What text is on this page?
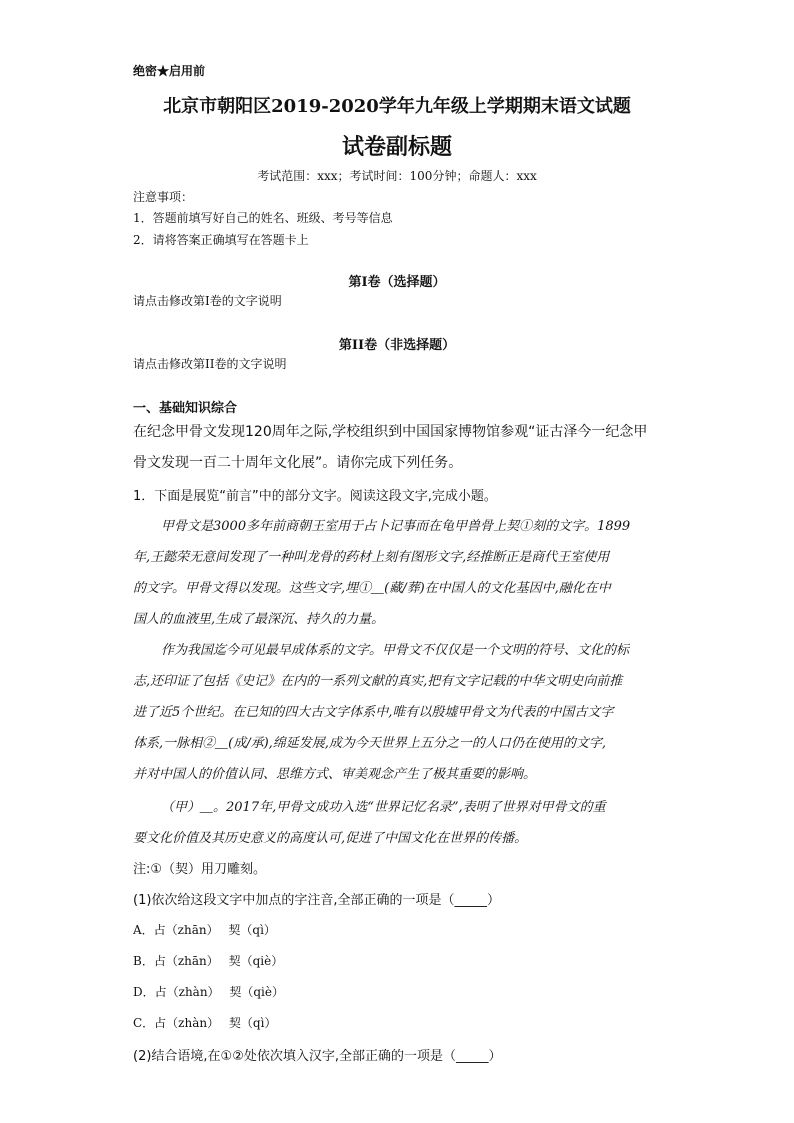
绝密★启用前
北京市朝阳区2019-2020学年九年级上学期期末语文试题
试卷副标题
考试范围：xxx；考试时间：100分钟；命题人：xxx
注意事项：
1．答题前填写好自己的姓名、班级、考号等信息
2．请将答案正确填写在答题卡上
第I卷（选择题）
请点击修改第I卷的文字说明
第II卷（非选择题）
请点击修改第II卷的文字说明
一、基础知识综合
在纪念甲骨文发现120周年之际,学校组织到中国国家博物馆参观“证古泽今一纪念甲
骨文发现一百二十周年文化展”。请你完成下列任务。
1．下面是展览“前言”中的部分文字。阅读这段文字,完成小题。
甲骨文是3000多年前商朝王室用于占卜记事而在龟甲兽骨上契①刻的文字。1899
年,王懿荣无意间发现了一种叫龙骨的药材上刻有图形文字,经推断正是商代王室使用
的文字。甲骨文得以发现。这些文字,埋①＿(藏/葬)在中国人的文化基因中,融化在中
国人的血液里,生成了最深沉、持久的力量。
作为我国迄今可见最早成体系的文字。甲骨文不仅仅是一个文明的符号、文化的标
志,还印证了包括《史记》在内的一系列文献的真实,把有文字记载的中华文明史向前推
进了近5个世纪。在已知的四大古文字体系中,唯有以殷墟甲骨文为代表的中国古文字
体系,一脉相②＿(成/承),绵延发展,成为今天世界上五分之一的人口仍在使用的文字,
并对中国人的价值认同、思维方式、审美观念产生了极其重要的影响。
（甲）＿。2017年,甲骨文成功入选“世界记忆名录”,表明了世界对甲骨文的重
要文化价值及其历史意义的高度认可,促进了中国文化在世界的传播。
注:①（契）用刀雕刻。
(1)依次给这段文字中加点的字注音,全部正确的一项是（_____）
A．占（zhān）　 契（qì）
B．占（zhān）　 契（qiè）
D．占（zhàn）　 契（qiè）
C．占（zhàn）　 契（qì）
(2)结合语境,在①②处依次填入汉字,全部正确的一项是（_____）
